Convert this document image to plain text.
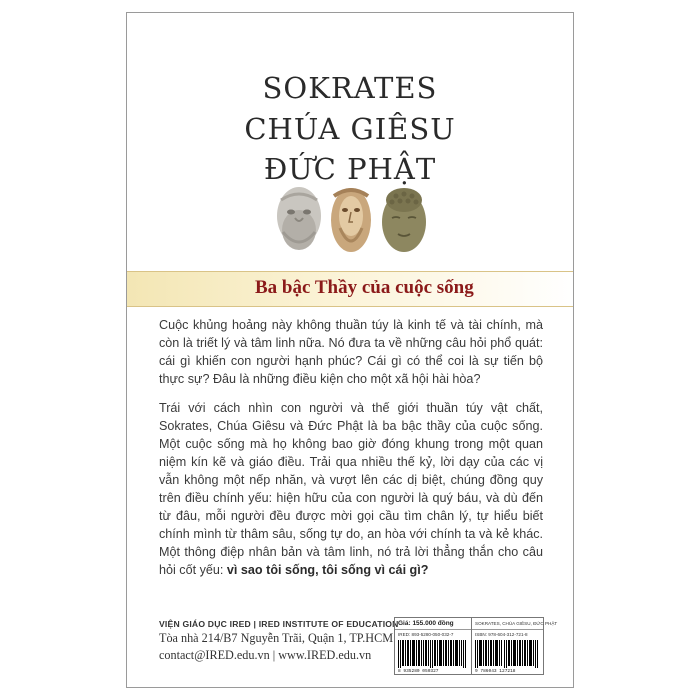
SOKRATES
CHÚA GIÊSU
ĐỨC PHẬT
Ba bậc Thầy của cuộc sống

Cuộc khủng hoảng này không thuần túy là kinh tế và tài chính, mà còn là triết lý và tâm linh nữa. Nó đưa ta về những câu hỏi phổ quát: cái gì khiến con người hạnh phúc? Cái gì có thể coi là sự tiến bộ thực sự? Đâu là những điều kiện cho một xã hội hài hòa?

Trái với cách nhìn con người và thế giới thuần túy vật chất, Sokrates, Chúa Giêsu và Đức Phật là ba bậc thầy của cuộc sống. Một cuộc sống mà họ không bao giờ đóng khung trong một quan niệm kín kẽ và giáo điều. Trải qua nhiều thế kỷ, lời dạy của các vị vẫn không một nếp nhăn, và vượt lên các dị biệt, chúng đồng quy trên điều chính yếu: hiện hữu của con người là quý báu, và dù đến từ đâu, mỗi người đều được mời gọi cầu tìm chân lý, tự hiểu biết chính mình từ thâm sâu, sống tự do, an hòa với chính ta và kẻ khác. Một thông điệp nhân bản và tâm linh, nó trả lời thẳng thắn cho câu hỏi cốt yếu: vì sao tôi sống, tôi sống vì cái gì?

VIỆN GIÁO DỤC IRED | IRED INSTITUTE OF EDUCATION
Tòa nhà 214/B7 Nguyễn Trãi, Quận 1, TP.HCM
contact@IRED.edu.vn | www.IRED.edu.vn
Giá: 155.000 đồng
IRED: 893-5280-050-032-7
8 935280 050327
SOKRATES, CHÚA GIÊSU, ĐỨC PHẬT
ISBN: 978-604-312-721-8
9 786043 127218
